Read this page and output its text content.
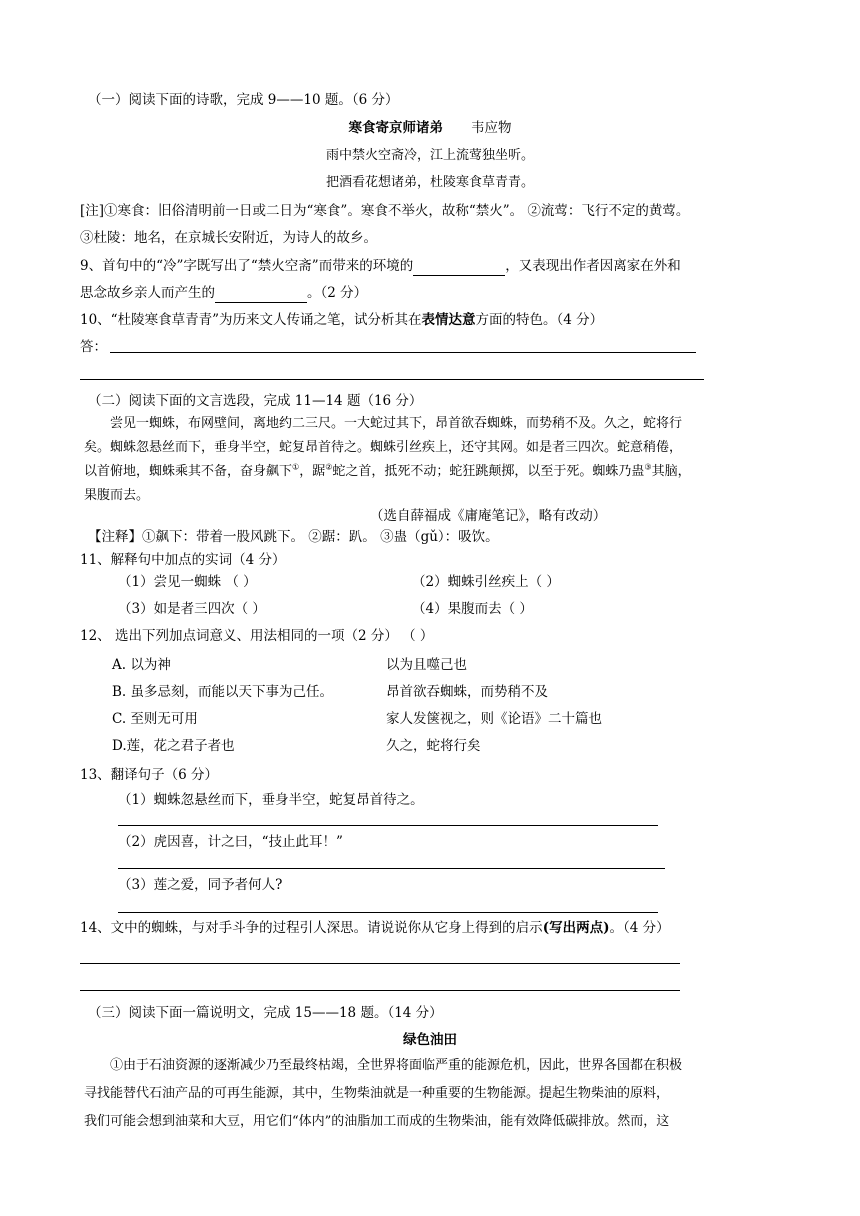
（一）阅读下面的诗歌，完成 9——10 题。（6 分）
寒食寄京师诸弟 韦应物
雨中禁火空斋冷，江上流莺独坐听。
把酒看花想诸弟，杜陵寒食草青青。
[注]①寒食：旧俗清明前一日或二日为“寒食”。寒食不举火，故称“禁火”。 ②流莺：飞行不定的黄莺。
③杜陵：地名，在京城长安附近，为诗人的故乡。
9、首句中的“冷”字既写出了“禁火空斋”而带来的环境的	，又表现出作者因离家在外和
思念故乡亲人而产生的	。（2 分）
10、“杜陵寒食草青青”为历来文人传诵之笔，试分析其在表情达意方面的特色。（4 分）
答：
（二）阅读下面的文言选段，完成 11—14 题（16 分）
尝见一蜘蛛，布网壁间，离地约二三尺。一大蛇过其下，昂首欲吞蜘蛛，而势稍不及。久之，蛇将行
矣。蜘蛛忽悬丝而下，垂身半空，蛇复昂首待之。蜘蛛引丝疾上，还守其网。如是者三四次。蛇意稍倦，
以首俯地，蜘蛛乘其不备，奋身飙下①，踞②蛇之首，抵死不动；蛇狂跳颠掷，以至于死。蜘蛛乃蛊③其脑，
果腹而去。
（选自薛福成《庸庵笔记》，略有改动）
【注释】①飙下：带着一股风跳下。 ②踞：趴。 ③蛊（gǔ）：吸饮。
11、解释句中加点的实词（4 分）
（1）尝见一蜘蛛 （ ）	（2）蜘蛛引丝疾上（ ）
（3）如是者三四次（ ）	（4）果腹而去（ ）
12、 选出下列加点词意义、用法相同的一项（2 分） （ ）
A. 以为神	以为且噬己也
B. 虽多忌刻，而能以天下事为己任。	昂首欲吞蜘蛛，而势稍不及
C. 至则无可用	家人发箧视之，则《论语》二十篇也
D.莲，花之君子者也	久之，蛇将行矣
13、翻译句子（6 分）
（1）蜘蛛忽悬丝而下，垂身半空，蛇复昂首待之。
（2）虎因喜，计之曰，“技止此耳！”
（3）莲之爱，同予者何人?
14、文中的蜘蛛，与对手斗争的过程引人深思。请说说你从它身上得到的启示(写出两点)。（4 分）
（三）阅读下面一篇说明文，完成 15——18 题。（14 分）
绿色油田
①由于石油资源的逐渐减少乃至最终枯竭，全世界将面临严重的能源危机，因此，世界各国都在积极
寻找能替代石油产品的可再生能源，其中，生物柴油就是一种重要的生物能源。提起生物柴油的原料，
我们可能会想到油菜和大豆，用它们“体内”的油脂加工而成的生物柴油，能有效降低碳排放。然而，这
